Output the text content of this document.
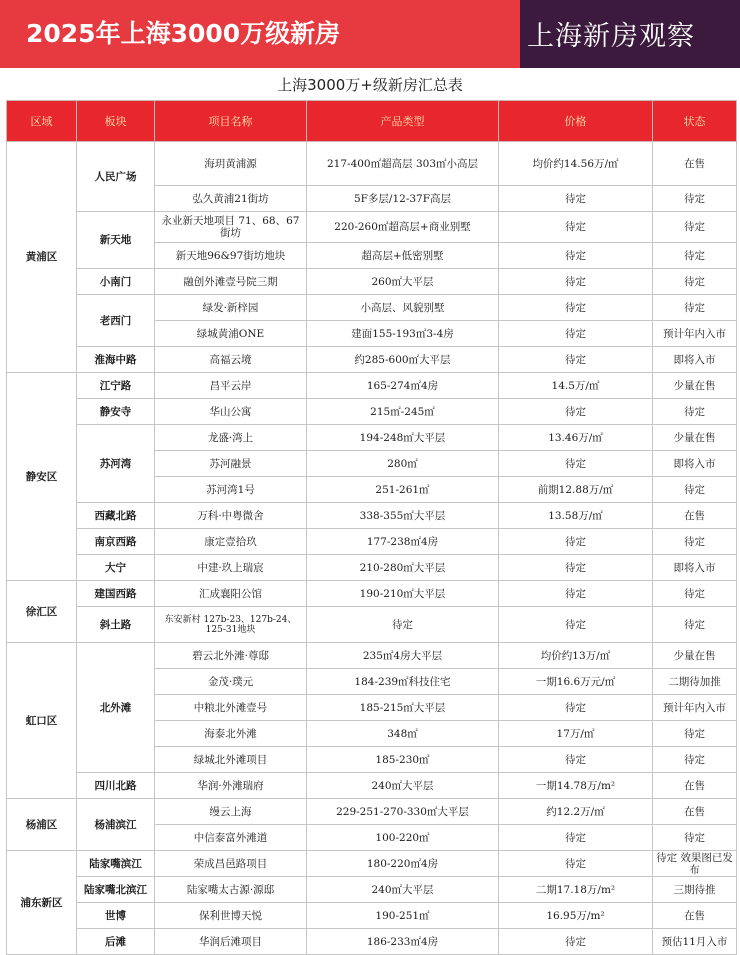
2025年上海3000万级新房	上海新房观察
上海3000万+级新房汇总表
区域	板块	项目名称	产品类型	价格	状态
黄浦区	人民广场	海玥黄浦源	217-400㎡超高层 303㎡小高层	均价约14.56万/㎡	在售
		弘久黄浦21街坊	5F多层/12-37F高层	待定	待定
	新天地	永业新天地项目 71、68、67街坊	220-260㎡超高层+商业别墅	待定	待定
		新天地96&97街坊地块	超高层+低密别墅	待定	待定
	小南门	融创外滩壹号院三期	260㎡大平层	待定	待定
	老西门	绿发·新梓园	小高层、风貌别墅	待定	待定
		绿城黄浦ONE	建面155-193㎡3-4房	待定	预计年内入市
	淮海中路	高福云境	约285-600㎡大平层	待定	即将入市
静安区	江宁路	昌平云岸	165-274㎡4房	14.5万/㎡	少量在售
	静安寺	华山公寓	215㎡-245㎡	待定	待定
	苏河湾	龙盛·湾上	194-248㎡大平层	13.46万/㎡	少量在售
		苏河融景	280㎡	待定	即将入市
		苏河湾1号	251-261㎡	前期12.88万/㎡	待定
	西藏北路	万科·中粤微舍	338-355㎡大平层	13.58万/㎡	在售
	南京西路	康定壹拾玖	177-238㎡4房	待定	待定
	大宁	中建·玖上瑞宸	210-280㎡大平层	待定	即将入市
徐汇区	建国西路	汇成襄阳公馆	190-210㎡大平层	待定	待定
	斜土路	东安新村 127b-23、127b-24、125-31地块	待定	待定	待定
虹口区	北外滩	碧云北外滩·尊邸	235㎡4房大平层	均价约13万/㎡	少量在售
		金茂·璞元	184-239㎡科技住宅	一期16.6万元/㎡	二期待加推
		中粮北外滩壹号	185-215㎡大平层	待定	预计年内入市
		海泰北外滩	348㎡	17万/㎡	待定
		绿城北外滩项目	185-230㎡	待定	待定
	四川北路	华润·外滩瑞府	240㎡大平层	一期14.78万/m²	在售
杨浦区	杨浦滨江	缦云上海	229-251-270-330㎡大平层	约12.2万/㎡	在售
		中信泰富外滩道	100-220㎡	待定	待定
浦东新区	陆家嘴滨江	荣成昌邑路项目	180-220㎡4房	待定	待定 效果图已发布
	陆家嘴北滨江	陆家嘴太古源·源邸	240㎡大平层	二期17.18万/m²	三期待推
	世博	保利世博天悦	190-251㎡	16.95万/m²	在售
	后滩	华润后滩项目	186-233㎡4房	待定	预估11月入市
